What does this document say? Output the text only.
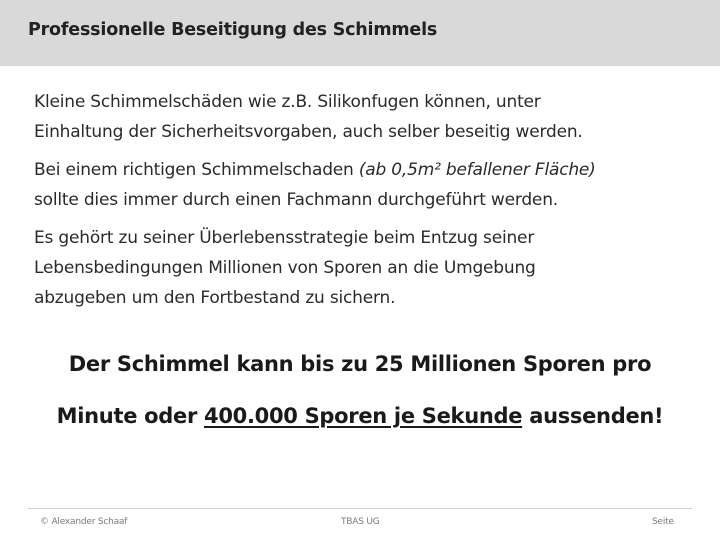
Professionelle Beseitigung des Schimmels

Kleine Schimmelschäden wie z.B. Silikonfugen können, unter
Einhaltung der Sicherheitsvorgaben, auch selber beseitig werden.

Bei einem richtigen Schimmelschaden (ab 0,5m² befallener Fläche)
sollte dies immer durch einen Fachmann durchgeführt werden.

Es gehört zu seiner Überlebensstrategie beim Entzug seiner
Lebensbedingungen Millionen von Sporen an die Umgebung
abzugeben um den Fortbestand zu sichern.

Der Schimmel kann bis zu 25 Millionen Sporen pro
Minute oder 400.000 Sporen je Sekunde aussenden!
© Alexander Schaaf	TBAS UG	Seite
